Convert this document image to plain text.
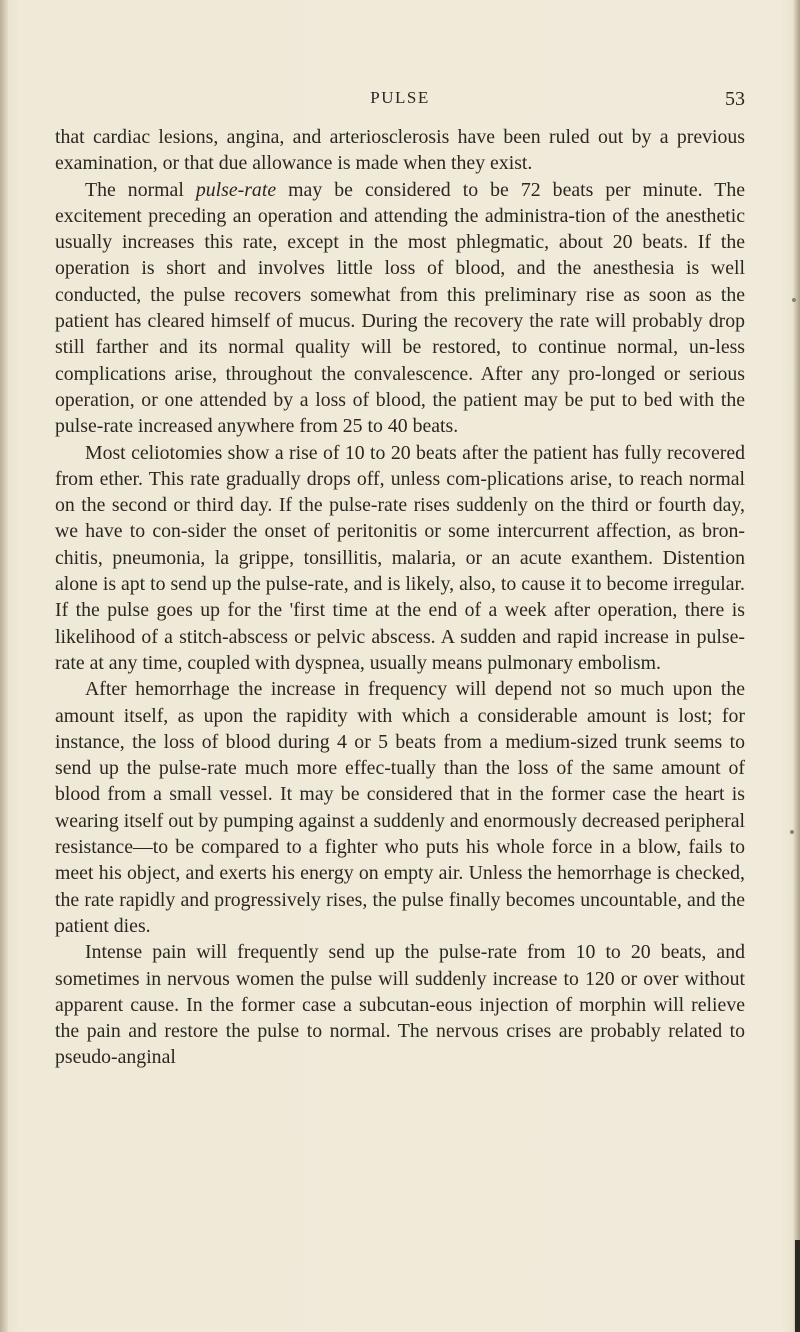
PULSE	53

that cardiac lesions, angina, and arteriosclerosis have been ruled out by a previous examination, or that due allowance is made when they exist.

The normal pulse-rate may be considered to be 72 beats per minute. The excitement preceding an operation and attending the administra-tion of the anesthetic usually increases this rate, except in the most phlegmatic, about 20 beats. If the operation is short and involves little loss of blood, and the anesthesia is well conducted, the pulse recovers somewhat from this preliminary rise as soon as the patient has cleared himself of mucus. During the recovery the rate will probably drop still farther and its normal quality will be restored, to continue normal, un-less complications arise, throughout the convalescence. After any pro-longed or serious operation, or one attended by a loss of blood, the patient may be put to bed with the pulse-rate increased anywhere from 25 to 40 beats.

Most celiotomies show a rise of 10 to 20 beats after the patient has fully recovered from ether. This rate gradually drops off, unless com-plications arise, to reach normal on the second or third day. If the pulse-rate rises suddenly on the third or fourth day, we have to con-sider the onset of peritonitis or some intercurrent affection, as bron-chitis, pneumonia, la grippe, tonsillitis, malaria, or an acute exanthem. Distention alone is apt to send up the pulse-rate, and is likely, also, to cause it to become irregular. If the pulse goes up for the 'first time at the end of a week after operation, there is likelihood of a stitch-abscess or pelvic abscess. A sudden and rapid increase in pulse-rate at any time, coupled with dyspnea, usually means pulmonary embolism.

After hemorrhage the increase in frequency will depend not so much upon the amount itself, as upon the rapidity with which a considerable amount is lost; for instance, the loss of blood during 4 or 5 beats from a medium-sized trunk seems to send up the pulse-rate much more effec-tually than the loss of the same amount of blood from a small vessel. It may be considered that in the former case the heart is wearing itself out by pumping against a suddenly and enormously decreased peripheral resistance—to be compared to a fighter who puts his whole force in a blow, fails to meet his object, and exerts his energy on empty air. Unless the hemorrhage is checked, the rate rapidly and progressively rises, the pulse finally becomes uncountable, and the patient dies.

Intense pain will frequently send up the pulse-rate from 10 to 20 beats, and sometimes in nervous women the pulse will suddenly increase to 120 or over without apparent cause. In the former case a subcutan-eous injection of morphin will relieve the pain and restore the pulse to normal. The nervous crises are probably related to pseudo-anginal
